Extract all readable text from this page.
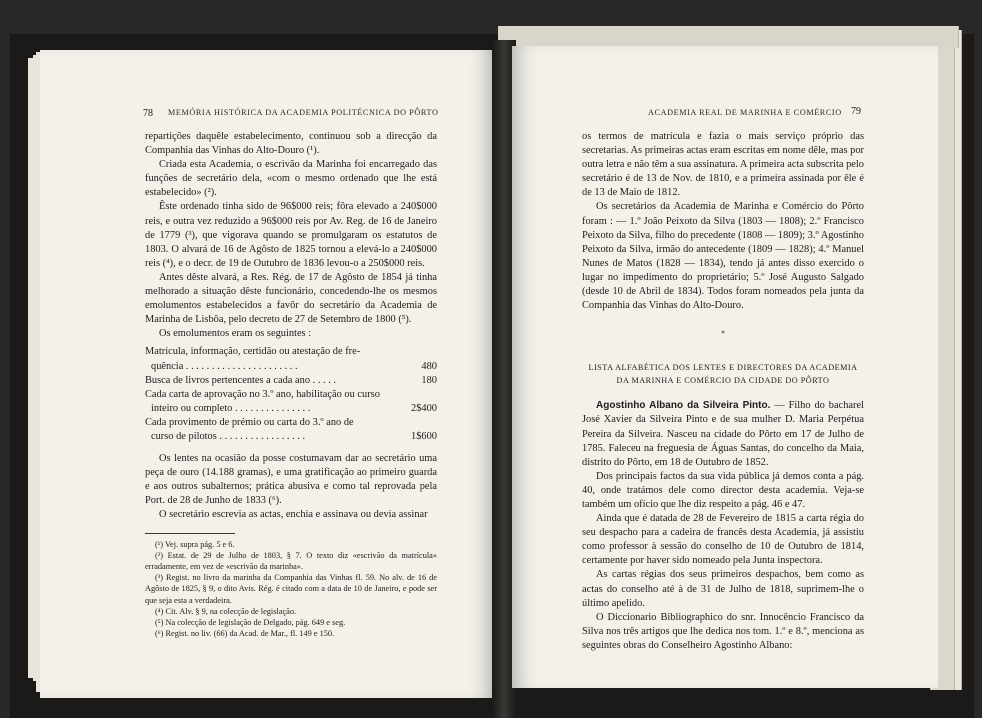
78 MEMÓRIA HISTÓRICA DA ACADEMIA POLITÉCNICA DO PÔRTO

repartições daquêle estabelecimento, continuou sob a direcção da Companhia das Vinhas do Alto-Douro (¹).

Criada esta Academia, o escrivão da Marinha foi encarregado das funções de secretário dela, «com o mesmo ordenado que lhe está estabelecido» (²).

Êste ordenado tinha sido de 96$000 reis; fôra elevado a 240$000 reis, e outra vez reduzido a 96$000 reis por Av. Reg. de 16 de Janeiro de 1779 (³), que vigorava quando se promulgaram os estatutos de 1803. O alvará de 16 de Agôsto de 1825 tornou a elevá-lo a 240$000 reis (⁴), e o decr. de 19 de Outubro de 1836 levou-o a 250$000 reis.

Antes dêste alvará, a Res. Rég. de 17 de Agôsto de 1854 já tinha melhorado a situação dêste funcionário, concedendo-lhe os mesmos emolumentos estabelecidos a favôr do secretário da Academia de Marinha de Lisbôa, pelo decreto de 27 de Setembro de 1800 (⁵).

Os emolumentos eram os seguintes :

Matrícula, informação, certidão ou atestação de fre-
quência . . . . . . . . . . . . . . . . . . . . . .	480
Busca de livros pertencentes a cada ano . . . . .	180
Cada carta de aprovação no 3.º ano, habilitação ou curso
inteiro ou completo . . . . . . . . . . . . . . .	2$400
Cada provimento de prémio ou carta do 3.º ano de
curso de pilotos . . . . . . . . . . . . . . . . .	1$600

Os lentes na ocasião da posse costumavam dar ao secretário uma peça de ouro (14.188 gramas), e uma gratificação ao primeiro guarda e aos outros subalternos; prática abusiva e como tal reprovada pela Port. de 28 de Junho de 1833 (⁶).

O secretário escrevia as actas, enchia e assinava ou devia assinar

(¹) Vej. supra pág. 5 e 6.

(²) Estat. de 29 de Julho de 1803, § 7. O texto diz «escrivão da matrícula» erradamente, em vez de «escrivão da marinha».

(³) Regist. no livro da marinha da Companhia das Vinhas fl. 59. No alv. de 16 de Agôsto de 1825, § 9, o dito Avis. Rég. é citado com a data de 10 de Janeiro, e pode ser que seja esta a verdadeira.

(⁴) Cit. Alv. § 9, na colecção de legislação.

(⁵) Na colecção de legislação de Delgado, pág. 649 e seg.

(⁶) Regist. no liv. (66) da Acad. de Mar., fl. 149 e 150.

ACADEMIA REAL DE MARINHA E COMÉRCIO 79

os termos de matrícula e fazia o mais serviço próprio das secretarias. As primeiras actas eram escritas em nome dêle, mas por outra letra e não têm a sua assinatura. A primeira acta subscrita pelo secretário é de 13 de Nov. de 1810, e a primeira assinada por êle é de 13 de Maio de 1812.

Os secretários da Academia de Marinha e Comércio do Pôrto foram : — 1.º João Peixoto da Silva (1803 — 1808); 2.º Francisco Peixoto da Silva, filho do precedente (1808 — 1809); 3.º Agostinho Peixoto da Silva, irmão do antecedente (1809 — 1828); 4.º Manuel Nunes de Matos (1828 — 1834), tendo já antes disso exercido o lugar no impedimento do proprietário; 5.º José Augusto Salgado (desde 10 de Abril de 1834). Todos foram nomeados pela junta da Companhia das Vinhas do Alto-Douro.

*
LISTA ALFABÉTICA DOS LENTES E DIRECTORES DA ACADEMIA
DA MARINHA E COMÉRCIO DA CIDADE DO PÔRTO

Agostinho Albano da Silveira Pinto. — Filho do bacharel José Xavier da Silveira Pinto e de sua mulher D. Maria Perpétua Pereira da Silveira. Nasceu na cidade do Pôrto em 17 de Julho de 1785. Faleceu na freguesia de Águas Santas, do concelho da Maia, distrito do Pôrto, em 18 de Outubro de 1852.

Dos principais factos da sua vida pública já demos conta a pág. 40, onde tratámos dele como director desta academia. Veja-se também um ofício que lhe diz respeito a pág. 46 e 47.

Ainda que é datada de 28 de Fevereiro de 1815 a carta régia do seu despacho para a cadeira de francês desta Academia, já assistiu como professor à sessão do conselho de 10 de Outubro de 1814, certamente por haver sido nomeado pela Junta inspectora.

As cartas régias dos seus primeiros despachos, bem como as actas do conselho até à de 31 de Julho de 1818, suprimem-lhe o último apelido.

O Diccionario Bibliographico do snr. Innocêncio Francisco da Silva nos três artigos que lhe dedica nos tom. 1.º e 8.º, menciona as seguintes obras do Conselheiro Agostinho Albano:
